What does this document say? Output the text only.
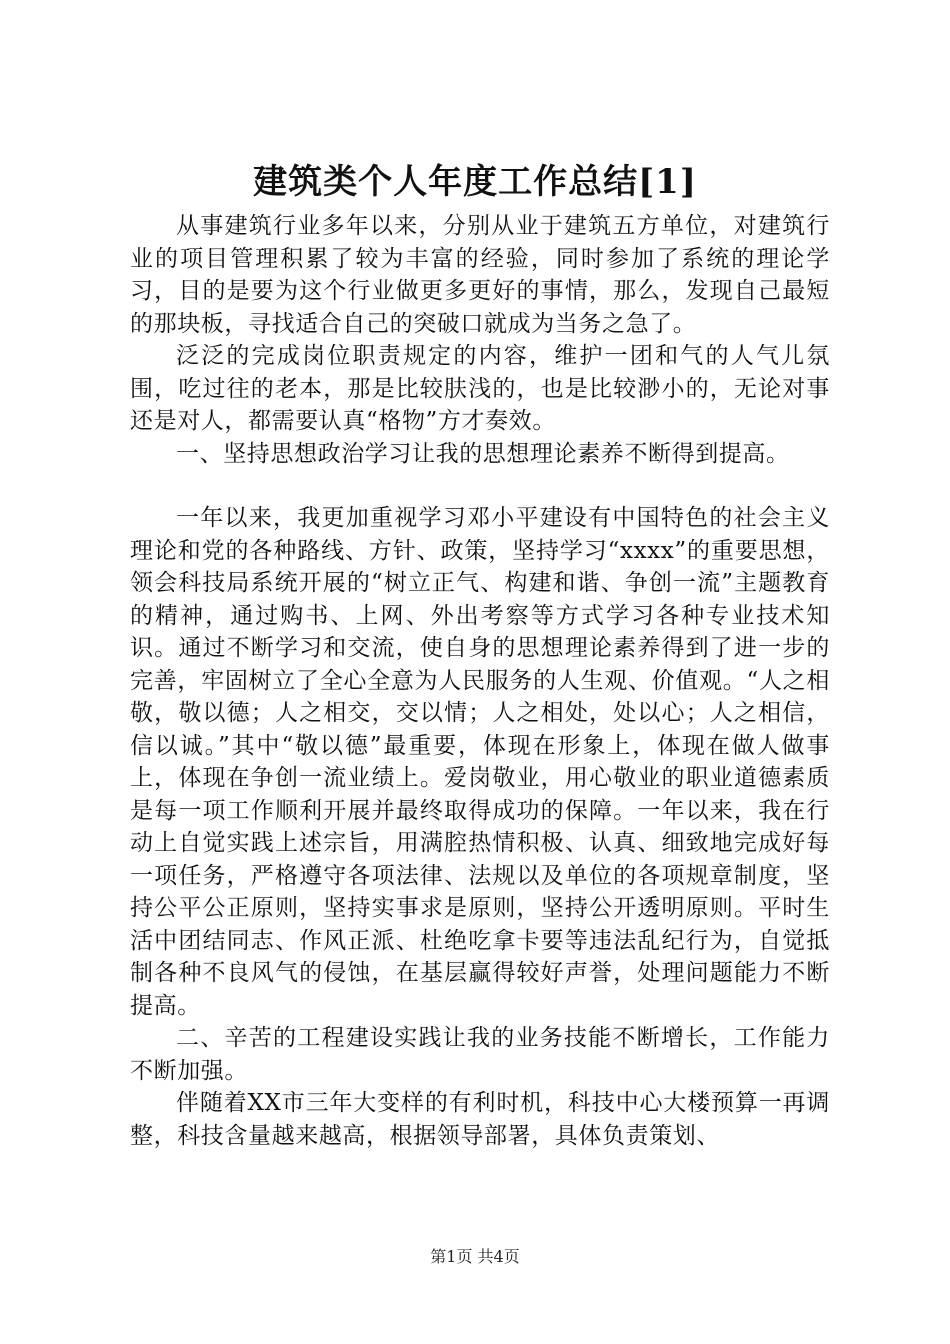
建筑类个人年度工作总结[1]

从事建筑行业多年以来，分别从业于建筑五方单位，对建筑行业的项目管理积累了较为丰富的经验，同时参加了系统的理论学习，目的是要为这个行业做更多更好的事情，那么，发现自己最短的那块板，寻找适合自己的突破口就成为当务之急了。

泛泛的完成岗位职责规定的内容，维护一团和气的人气儿氛围，吃过往的老本，那是比较肤浅的，也是比较渺小的，无论对事还是对人，都需要认真“格物”方才奏效。

一、坚持思想政治学习让我的思想理论素养不断得到提高。

一年以来，我更加重视学习邓小平建设有中国特色的社会主义理论和党的各种路线、方针、政策，坚持学习“xxxx”的重要思想，领会科技局系统开展的“树立正气、构建和谐、争创一流”主题教育的精神，通过购书、上网、外出考察等方式学习各种专业技术知识。通过不断学习和交流，使自身的思想理论素养得到了进一步的完善，牢固树立了全心全意为人民服务的人生观、价值观。“人之相敬，敬以德；人之相交，交以情；人之相处，处以心；人之相信，信以诚。”其中“敬以德”最重要，体现在形象上，体现在做人做事上，体现在争创一流业绩上。爱岗敬业，用心敬业的职业道德素质是每一项工作顺利开展并最终取得成功的保障。一年以来，我在行动上自觉实践上述宗旨，用满腔热情积极、认真、细致地完成好每一项任务，严格遵守各项法律、法规以及单位的各项规章制度，坚持公平公正原则，坚持实事求是原则，坚持公开透明原则。平时生活中团结同志、作风正派、杜绝吃拿卡要等违法乱纪行为，自觉抵制各种不良风气的侵蚀，在基层赢得较好声誉，处理问题能力不断提高。

二、辛苦的工程建设实践让我的业务技能不断增长，工作能力不断加强。

伴随着XX市三年大变样的有利时机，科技中心大楼预算一再调整，科技含量越来越高，根据领导部署，具体负责策划、

第1页 共4页
